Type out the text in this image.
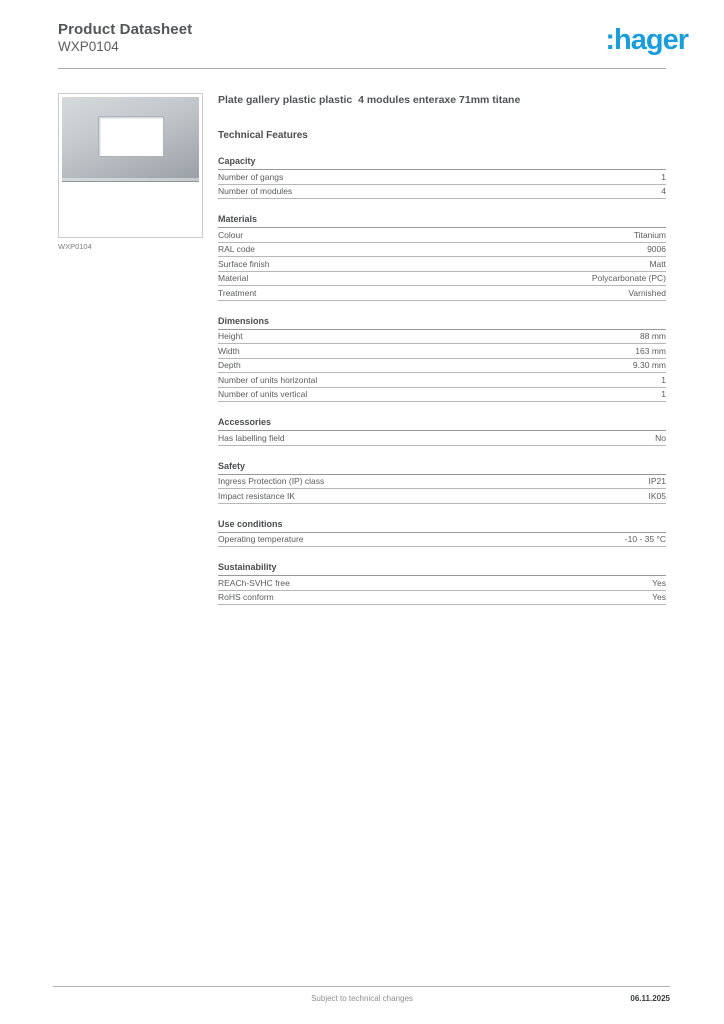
Product Datasheet
WXP0104	:hager
WXP0104
Plate gallery plastic plastic  4 modules enteraxe 71mm titane
Technical Features
Capacity
Number of gangs	1
Number of modules	4
Materials
Colour	Titanium
RAL code	9006
Surface finish	Matt
Material	Polycarbonate (PC)
Treatment	Varnished
Dimensions
Height	88 mm
Width	163 mm
Depth	9.30 mm
Number of units horizontal	1
Number of units vertical	1
Accessories
Has labelling field	No
Safety
Ingress Protection (IP) class	IP21
Impact resistance IK	IK05
Use conditions
Operating temperature	-10 - 35 °C
Sustainability
REACh-SVHC free	Yes
RoHS conform	Yes
Subject to technical changes	06.11.2025
